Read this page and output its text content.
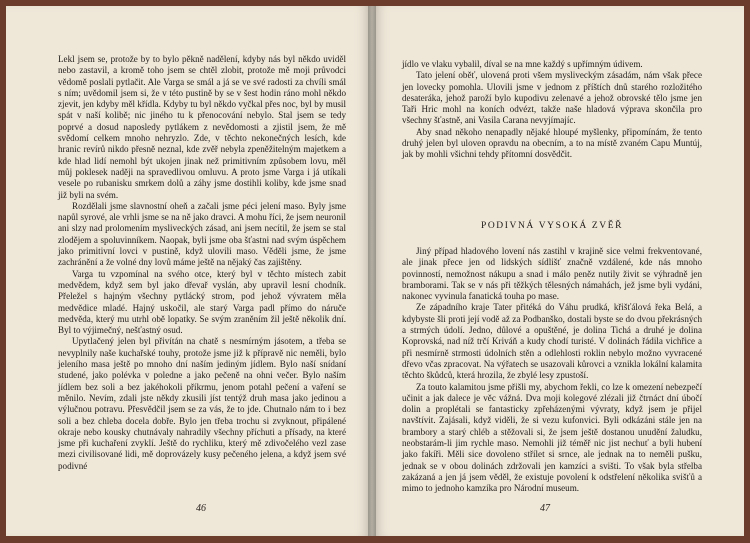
Lekl jsem se, protože by to bylo pěkně nadělení, kdyby nás byl někdo uviděl nebo zastavil, a kromě toho jsem se chtěl zlobit, protože mě moji průvodci vědomě poslali pytlačit. Ale Varga se smál a já se ve své radosti za chvíli smál s ním; uvědomil jsem si, že v této pustině by se v šest hodin ráno mohl někdo zjevit, jen kdyby měl křídla. Kdyby tu byl někdo vyčkal přes noc, byl by musil spát v naší kolibě; nic jiného tu k přenocování nebylo. Stal jsem se tedy poprvé a dosud naposledy pytlákem z nevědomosti a zjistil jsem, že mě svědomí celkem mnoho nehryzlo. Zde, v těchto nekonečných lesích, kde hranic revírů nikdo přesně neznal, kde zvěř nebyla zpeněžitelným majetkem a kde hlad lidí nemohl být ukojen jinak než primitivním způsobem lovu, měl můj poklesek naději na spravedlivou omluvu. A proto jsme Varga i já utíkali vesele po rubanisku smrkem dolů a záhy jsme dostihli koliby, kde jsme snad již byli na svém.

Rozdělali jsme slavnostní oheň a začali jsme péci jelení maso. Byly jsme napůl syrové, ale vrhli jsme se na ně jako dravci. A mohu říci, že jsem neuronil ani slzy nad prolomením mysliveckých zásad, ani jsem necítil, že jsem se stal zlodějem a spoluvinníkem. Naopak, byli jsme oba šťastni nad svým úspěchem jako primitivní lovci v pustině, když ulovili maso. Věděli jsme, že jsme zachránění a že volné dny lovů máme ještě na nějaký čas zajištěny.

Varga tu vzpomínal na svého otce, který byl v těchto místech zabit medvědem, když sem byl jako dřevař vyslán, aby upravil lesní chodník. Přeležel s hajným všechny pytlácký strom, pod jehož vývratem měla medvědice mladé. Hajný uskočil, ale starý Varga padl přímo do náruče medvěda, který mu utrhl obě lopatky. Se svým zraněním žil ještě několik dní. Byl to výjimečný, nešťastný osud.

Upytlačený jelen byl přivítán na chatě s nesmírným jásotem, a třeba se nevyplnily naše kuchařské touhy, protože jsme již k přípravě nic neměli, bylo jeleního masa ještě po mnoho dní naším jediným jídlem. Bylo naší snídaní studené, jako polévka v poledne a jako pečeně na ohni večer. Bylo naším jídlem bez soli a bez jakéhokoli příkrmu, jenom potahl pečení a vaření se měnilo. Nevím, zdali jste někdy zkusili jíst tentýž druh masa jako jedinou a výlučnou potravu. Přesvědčil jsem se za vás, že to jde. Chutnalo nám to i bez soli a bez chleba docela dobře. Bylo jen třeba trochu si zvyknout, připálené okraje nebo kousky chutnávaly nahradily všechny příchuti a přísady, na které jsme při kuchaření zvyklí. Ještě do rychliku, který mě zdivočelého vezl zase mezi civilisované lidi, mě doprovázely kusy pečeného jelena, a když jsem své podivné

46

jídlo ve vlaku vybalil, díval se na mne každý s upřímným údivem.

Tato jelení oběť, ulovená proti všem mysliveckým zásadám, nám však přece jen lovecky pomohla. Ulovili jsme v jednom z příštích dnů starého rozložitého desateráka, jehož paroží bylo kupodivu zelenavé a jehož obrovské tělo jsme jen Taři Hric mohl na koních odvézt, takže naše hladová výprava skončila pro všechny šťastně, ani Vasila Carana nevyjímajíc.

Aby snad někoho nenapadly nějaké hloupé myšlenky, připomínám, že tento druhý jelen byl uloven opravdu na obecním, a to na místě zvaném Capu Muntúj, jak by mohli všichni tehdy přítomní dosvědčit.

PODIVNÁ VYSOKÁ ZVĚŘ

Jiný případ hladového lovení nás zastihl v krajině sice velmi frekventované, ale jinak přece jen od lidských sídlišť značně vzdálené, kde nás mnoho povinností, nemožnost nákupu a snad i málo peněz nutily živit se výhradně jen bramborami. Tak se v nás při těžkých tělesných námahách, jež jsme byli vydáni, nakonec vyvinula fanatická touha po mase.

Ze západního kraje Tater přitéká do Váhu prudká, křišťálová řeka Belá, a kdybyste šli proti její vodě až za Podbanško, dostali byste se do dvou překrásných a strmých údolí. Jedno, důlové a opuštěné, je dolina Tichá a druhé je dolina Koprovská, nad níž trčí Kriváň a kudy chodí turisté. V dolinách řádila vichřice a při nesmírně strmosti údolních stěn a odlehlosti roklin nebylo možno vyvracené dřevo včas zpracovat. Na výřatech se usazovali kůrovci a vznikla lokální kalamita těchto škůdců, která hrozila, že zbylé lesy zpustoší.

Za touto kalamitou jsme přišli my, abychom řekli, co lze k omezení nebezpečí učinit a jak dalece je věc vážná. Dva moji kolegové zlézali již čtrnáct dní úbočí dolin a proplétali se fantasticky zpřeházenými vývraty, když jsem je přijel navštívit. Zajásali, když viděli, že si vezu kufonvici. Byli odkázáni stále jen na brambory a starý chléb a stěžovali si, že jsem ještě dostanou unudění žaludku, neobstarám-li jim rychle maso. Nemohli již téměř nic jist nechuť a byli hubení jako fakíři. Měli sice dovoleno střílet si srnce, ale jednak na to neměli pušku, jednak se v obou dolinách zdržovali jen kamzíci a svišti. To však byla střelba zakázaná a jen já jsem věděl, že existuje povolení k odstřelení několika svišťů a mimo to jednoho kamzíka pro Národní museum.

47
